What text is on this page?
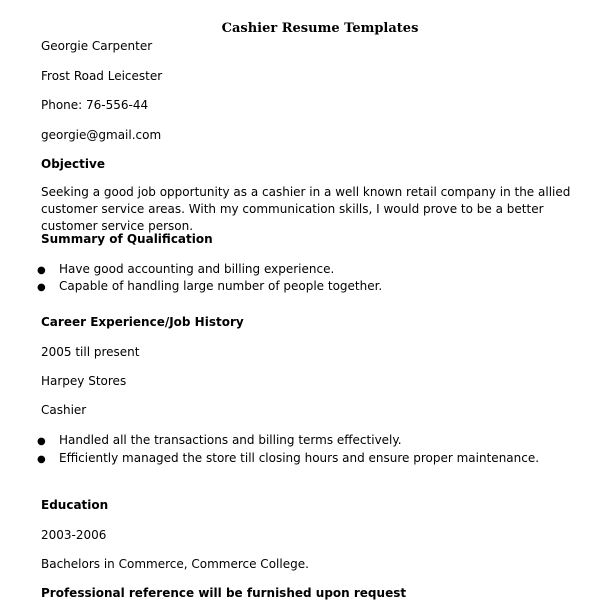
Cashier Resume Templates
Georgie Carpenter
Frost Road Leicester
Phone: 76-556-44
georgie@gmail.com
Objective
Seeking a good job opportunity as a cashier in a well known retail company in the allied customer service areas. With my communication skills, I would prove to be a better customer service person.
Summary of Qualification
● Have good accounting and billing experience.
● Capable of handling large number of people together.
Career Experience/Job History
2005 till present
Harpey Stores
Cashier
● Handled all the transactions and billing terms effectively.
● Efficiently managed the store till closing hours and ensure proper maintenance.
Education
2003-2006
Bachelors in Commerce, Commerce College.
Professional reference will be furnished upon request
